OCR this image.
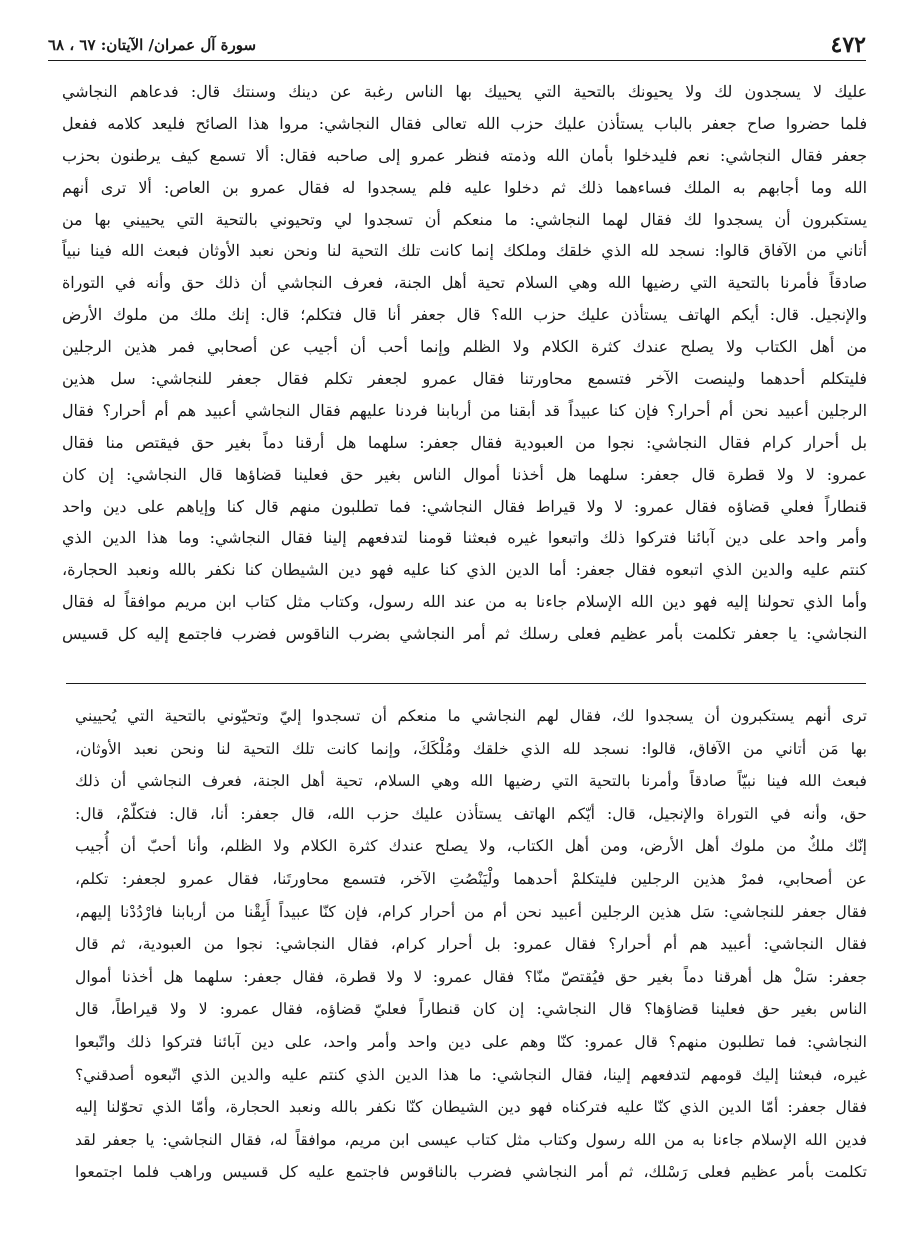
٤٧٢
سورة آل عمران/ الآيتان: ٦٧ ، ٦٨
عليك لا يسجدون لك ولا يحيونك بالتحية التي يحييك بها الناس رغبة عن دينك وسنتك قال: فدعاهم النجاشي
فلما حضروا صاح جعفر بالباب يستأذن عليك حزب الله تعالى فقال النجاشي: مروا هذا الصائح فليعد كلامه ففعل
جعفر فقال النجاشي: نعم فليدخلوا بأمان الله وذمته فنظر عمرو إلى صاحبه فقال: ألا تسمع كيف يرطنون بحزب
الله وما أجابهم به الملك فساءهما ذلك ثم دخلوا عليه فلم يسجدوا له فقال عمرو بن العاص: ألا ترى أنهم
يستكبرون أن يسجدوا لك فقال لهما النجاشي: ما منعكم أن تسجدوا لي وتحيوني بالتحية التي يحييني بها من
أتاني من الآفاق قالوا: نسجد لله الذي خلقك وملكك إنما كانت تلك التحية لنا ونحن نعبد الأوثان فبعث الله فينا نبياً
صادقاً فأمرنا بالتحية التي رضيها الله وهي السلام تحية أهل الجنة، فعرف النجاشي أن ذلك حق وأنه في التوراة
والإنجيل. قال: أيكم الهاتف يستأذن عليك حزب الله؟ قال جعفر أنا قال فتكلم؛ قال: إنك ملك من ملوك الأرض
من أهل الكتاب ولا يصلح عندك كثرة الكلام ولا الظلم وإنما أحب أن أجيب عن أصحابي فمر هذين الرجلين
فليتكلم أحدهما ولينصت الآخر فتسمع محاورتنا فقال عمرو لجعفر تكلم فقال جعفر للنجاشي: سل هذين
الرجلين أعبيد نحن أم أحرار؟ فإن كنا عبيداً قد أبقنا من أربابنا فردنا عليهم فقال النجاشي أعبيد هم أم أحرار؟ فقال
بل أحرار كرام فقال النجاشي: نجوا من العبودية فقال جعفر: سلهما هل أرقنا دماً بغير حق فيقتص منا فقال
عمرو: لا ولا قطرة قال جعفر: سلهما هل أخذنا أموال الناس بغير حق فعلينا قضاؤها قال النجاشي: إن كان
قنطاراً فعلي قضاؤه فقال عمرو: لا ولا قيراط فقال النجاشي: فما تطلبون منهم قال كنا وإياهم على دين واحد
وأمر واحد على دين آبائنا فتركوا ذلك واتبعوا غيره فبعثنا قومنا لتدفعهم إلينا فقال النجاشي: وما هذا الدين الذي
كنتم عليه والدين الذي اتبعوه فقال جعفر: أما الدين الذي كنا عليه فهو دين الشيطان كنا نكفر بالله ونعبد الحجارة،
وأما الذي تحولنا إليه فهو دين الله الإسلام جاءنا به من عند الله رسول، وكتاب مثل كتاب ابن مريم موافقاً له فقال
النجاشي: يا جعفر تكلمت بأمر عظيم فعلى رسلك ثم أمر النجاشي بضرب الناقوس فضرب فاجتمع إليه كل قسيس
ترى أنهم يستكبرون أن يسجدوا لك، فقال لهم النجاشي ما منعكم أن تسجدوا إليّ وتحيّوني بالتحية التي يُحييني
بها مَن أتاني من الآفاق، قالوا: نسجد لله الذي خلقك ومُلْكَكَ، وإنما كانت تلك التحية لنا ونحن نعبد الأوثان،
فبعث الله فينا نبيّاً صادقاً وأمرنا بالتحية التي رضيها الله وهي السلام، تحية أهل الجنة، فعرف النجاشي أن ذلك
حق، وأنه في التوراة والإنجيل، قال: أيّكم الهاتف يستأذن عليك حزب الله، قال جعفر: أنا، قال: فتكلّمْ، قال:
إنّك ملكٌ من ملوك أهل الأرض، ومن أهل الكتاب، ولا يصلح عندك كثرة الكلام ولا الظلم، وأنا أحبّ أن أُجيب
عن أصحابي، فمرْ هذين الرجلين فليتكلمْ أحدهما ولْيَنْصُتِ الآخر، فتسمع محاورتَنا، فقال عمرو لجعفر: تكلم،
فقال جعفر للنجاشي: سَل هذين الرجلين أعبيد نحن أم من أحرار كرام، فإن كنّا عبيداً أَبِقْنا من أربابنا فارْدُدْنا إليهم،
فقال النجاشي: أعبيد هم أم أحرار؟ فقال عمرو: بل أحرار كرام، فقال النجاشي: نجوا من العبودية، ثم قال
جعفر: سَلْ هل أهرقنا دماً بغير حق فيُقتصّ منّا؟ فقال عمرو: لا ولا قطرة، فقال جعفر: سلهما هل أخذنا أموال
الناس بغير حق فعلينا قضاؤها؟ قال النجاشي: إن كان قنطاراً فعليّ قضاؤه، فقال عمرو: لا ولا قيراطاً، قال
النجاشي: فما تطلبون منهم؟ قال عمرو: كنّا وهم على دين واحد وأمر واحد، على دين آبائنا فتركوا ذلك واتّبعوا
غيره، فبعثنا إليك قومهم لتدفعهم إلينا، فقال النجاشي: ما هذا الدين الذي كنتم عليه والدين الذي اتّبعوه أصدقني؟
فقال جعفر: أمّا الدين الذي كنّا عليه فتركناه فهو دين الشيطان كنّا نكفر بالله ونعبد الحجارة، وأمّا الذي تحوّلنا إليه
فدين الله الإسلام جاءنا به من الله رسول وكتاب مثل كتاب عيسى ابن مريم، موافقاً له، فقال النجاشي: يا جعفر لقد
تكلمت بأمر عظيم فعلى رَسْلك، ثم أمر النجاشي فضرب بالناقوس فاجتمع عليه كل قسيس وراهب فلما اجتمعوا
